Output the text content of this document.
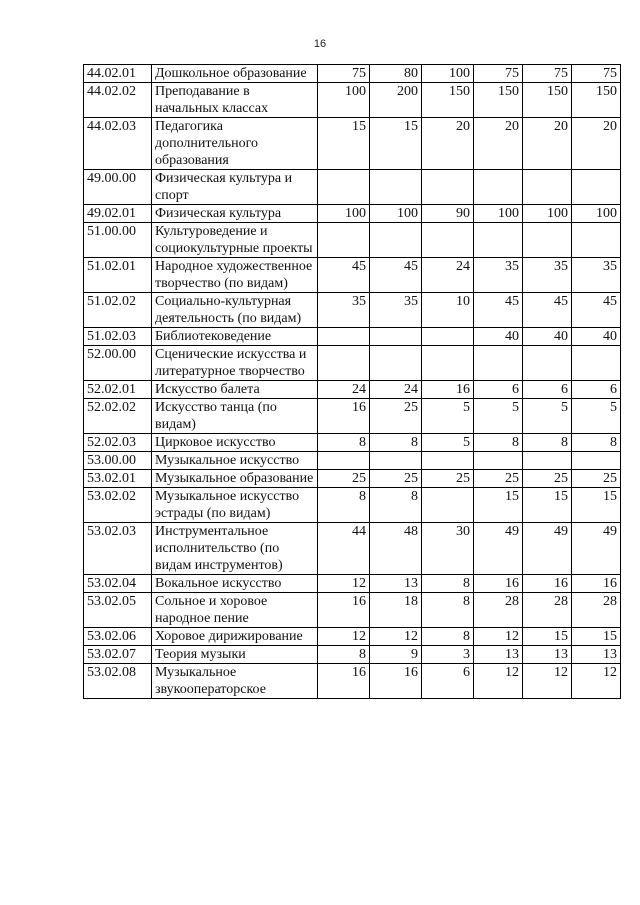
16
44.02.01	Дошкольное образование	75	80	100	75	75	75
44.02.02	Преподавание в начальных классах	100	200	150	150	150	150
44.02.03	Педагогика дополнительного образования	15	15	20	20	20	20
49.00.00	Физическая культура и спорт						
49.02.01	Физическая культура	100	100	90	100	100	100
51.00.00	Культуроведение и социокультурные проекты						
51.02.01	Народное художественное творчество (по видам)	45	45	24	35	35	35
51.02.02	Социально-культурная деятельность (по видам)	35	35	10	45	45	45
51.02.03	Библиотековедение				40	40	40
52.00.00	Сценические искусства и литературное творчество						
52.02.01	Искусство балета	24	24	16	6	6	6
52.02.02	Искусство танца (по видам)	16	25	5	5	5	5
52.02.03	Цирковое искусство	8	8	5	8	8	8
53.00.00	Музыкальное искусство						
53.02.01	Музыкальное образование	25	25	25	25	25	25
53.02.02	Музыкальное искусство эстрады (по видам)	8	8		15	15	15
53.02.03	Инструментальное исполнительство (по видам инструментов)	44	48	30	49	49	49
53.02.04	Вокальное искусство	12	13	8	16	16	16
53.02.05	Сольное и хоровое народное пение	16	18	8	28	28	28
53.02.06	Хоровое дирижирование	12	12	8	12	15	15
53.02.07	Теория музыки	8	9	3	13	13	13
53.02.08	Музыкальное звукооператорское	16	16	6	12	12	12
